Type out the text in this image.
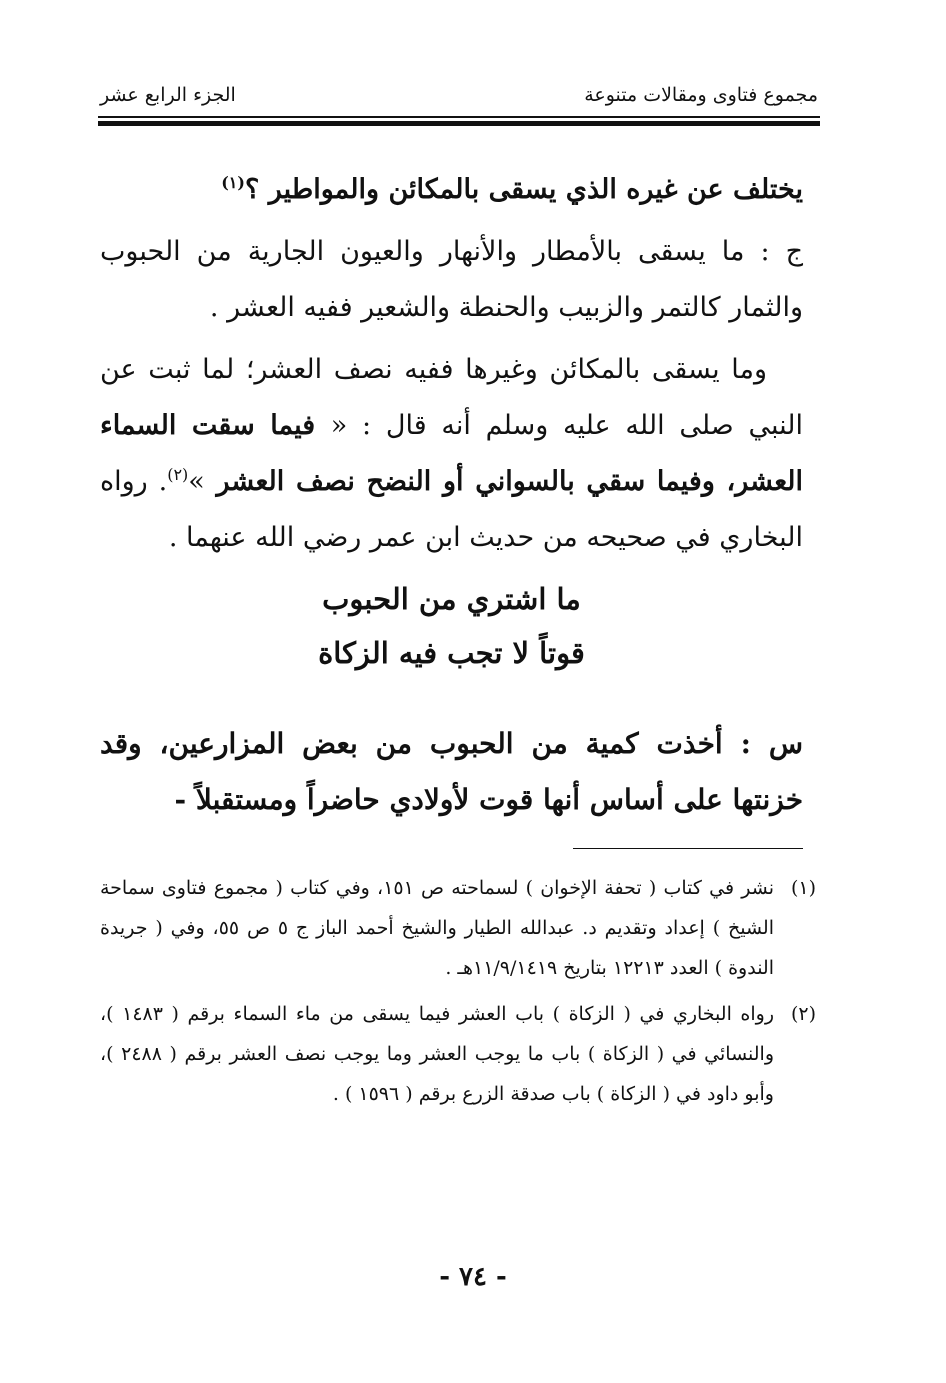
مجموع فتاوى ومقالات متنوعة
الجزء الرابع عشر

يختلف عن غيره الذي يسقى بالمكائن والمواطير ؟$^{(١)}$

ج : ما يسقى بالأمطار والأنهار والعيون الجارية من الحبوب والثمار كالتمر والزبيب والحنطة والشعير ففيه العشر .

وما يسقى بالمكائن وغيرها ففيه نصف العشر؛ لما ثبت عن النبي صلى الله عليه وسلم أنه قال : « فيما سقت السماء العشر، وفيما سقي بالسواني أو النضح نصف العشر »$^{(٢)}$. رواه البخاري في صحيحه من حديث ابن عمر رضي الله عنهما .

ما اشتري من الحبوب
قوتاً لا تجب فيه الزكاة
س : أخذت كمية من الحبوب من بعض المزارعين، وقد خزنتها على أساس أنها قوت لأولادي حاضراً ومستقبلاً -
(١)
نشر في كتاب ( تحفة الإخوان ) لسماحته ص ١٥١، وفي كتاب ( مجموع فتاوى سماحة الشيخ ) إعداد وتقديم د. عبدالله الطيار والشيخ أحمد الباز ج ٥ ص ٥٥، وفي ( جريدة الندوة ) العدد ١٢٢١٣ بتاريخ ١١/٩/١٤١٩هـ .
(٢)
رواه البخاري في ( الزكاة ) باب العشر فيما يسقى من ماء السماء برقم ( ١٤٨٣ )، والنسائي في ( الزكاة ) باب ما يوجب العشر وما يوجب نصف العشر برقم ( ٢٤٨٨ )، وأبو داود في ( الزكاة ) باب صدقة الزرع برقم ( ١٥٩٦ ) .
- ٧٤ -
